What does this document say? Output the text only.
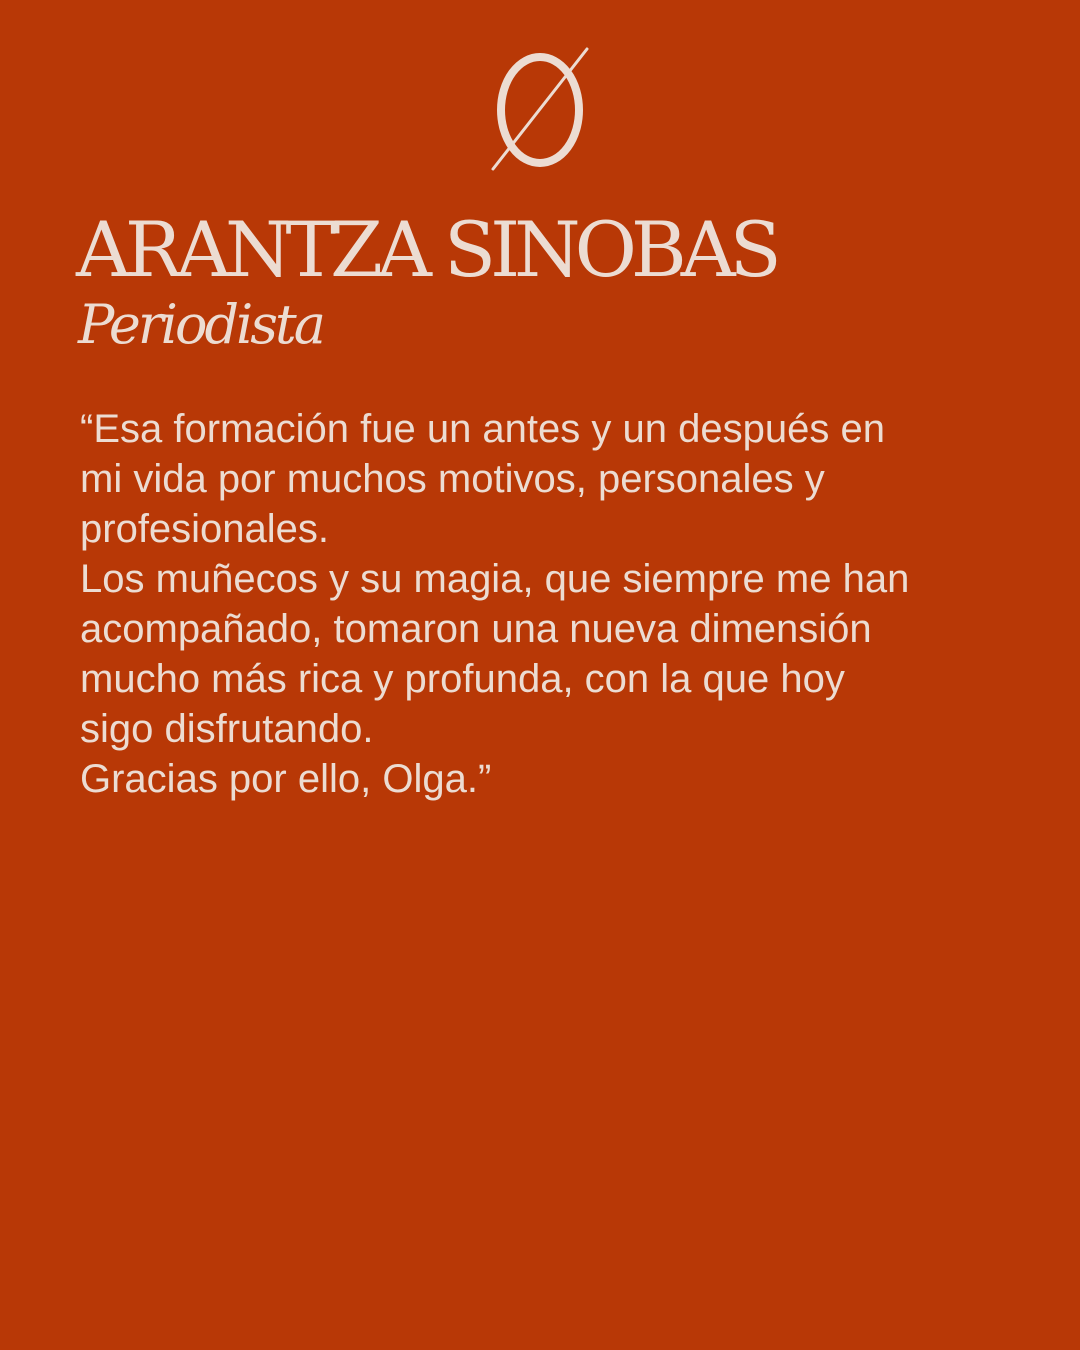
ARANTZA SINOBAS
Periodista
“Esa formación fue un antes y un después en
mi vida por muchos motivos, personales y
profesionales.
Los muñecos y su magia, que siempre me han
acompañado, tomaron una nueva dimensión
mucho más rica y profunda, con la que hoy
sigo disfrutando.
Gracias por ello, Olga.”
